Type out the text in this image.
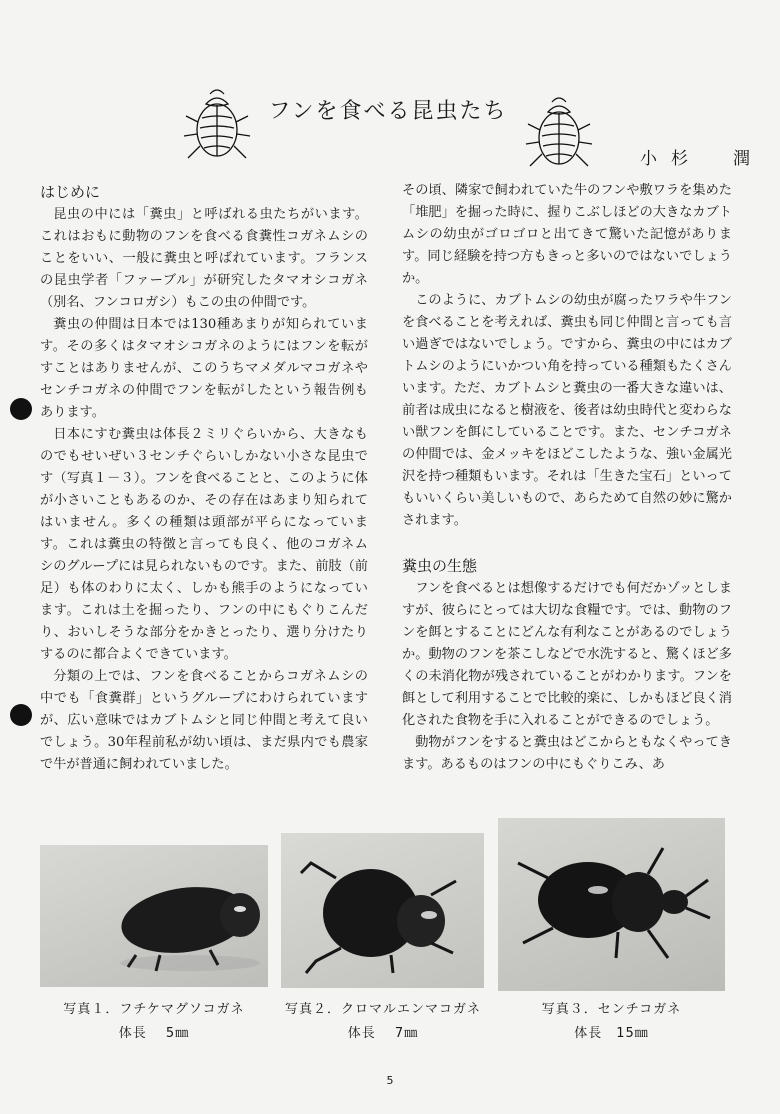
フンを食べる昆虫たち
小杉　潤
はじめに

昆虫の中には「糞虫」と呼ばれる虫たちがいます。これはおもに動物のフンを食べる食糞性コガネムシのことをいい、一般に糞虫と呼ばれています。フランスの昆虫学者「ファーブル」が研究したタマオシコガネ（別名、フンコロガシ）もこの虫の仲間です。

糞虫の仲間は日本では130種あまりが知られています。その多くはタマオシコガネのようにはフンを転がすことはありませんが、このうちマメダルマコガネやセンチコガネの仲間でフンを転がしたという報告例もあります。

日本にすむ糞虫は体長２ミリぐらいから、大きなものでもせいぜい３センチぐらいしかない小さな昆虫です（写真１－３）。フンを食べることと、このように体が小さいこともあるのか、その存在はあまり知られてはいません。多くの種類は頭部が平らになっています。これは糞虫の特徴と言っても良く、他のコガネムシのグループには見られないものです。また、前肢（前足）も体のわりに太く、しかも熊手のようになっています。これは土を掘ったり、フンの中にもぐりこんだり、おいしそうな部分をかきとったり、選り分けたりするのに都合よくできています。

分類の上では、フンを食べることからコガネムシの中でも「食糞群」というグループにわけられていますが、広い意味ではカブトムシと同じ仲間と考えて良いでしょう。30年程前私が幼い頃は、まだ県内でも農家で牛が普通に飼われていました。

その頃、隣家で飼われていた牛のフンや敷ワラを集めた「堆肥」を掘った時に、握りこぶしほどの大きなカブトムシの幼虫がゴロゴロと出てきて驚いた記憶があります。同じ経験を持つ方もきっと多いのではないでしょうか。

このように、カブトムシの幼虫が腐ったワラや牛フンを食べることを考えれば、糞虫も同じ仲間と言っても言い過ぎではないでしょう。ですから、糞虫の中にはカブトムシのようにいかつい角を持っている種類もたくさんいます。ただ、カブトムシと糞虫の一番大きな違いは、前者は成虫になると樹液を、後者は幼虫時代と変わらない獣フンを餌にしていることです。また、センチコガネの仲間では、金メッキをほどこしたような、強い金属光沢を持つ種類もいます。それは「生きた宝石」といってもいいくらい美しいもので、あらためて自然の妙に驚かされます。

糞虫の生態

フンを食べるとは想像するだけでも何だかゾッとしますが、彼らにとっては大切な食糧です。では、動物のフンを餌とすることにどんな有利なことがあるのでしょうか。動物のフンを茶こしなどで水洗すると、驚くほど多くの未消化物が残されていることがわかります。フンを餌として利用することで比較的楽に、しかもほど良く消化された食物を手に入れることができるのでしょう。

動物がフンをすると糞虫はどこからともなくやってきます。あるものはフンの中にもぐりこみ、あ

写真１．フチケマグソコガネ
体長　 5㎜
写真２．クロマルエンマコガネ
体長　 7㎜
写真３．センチコガネ
体長　15㎜
5
